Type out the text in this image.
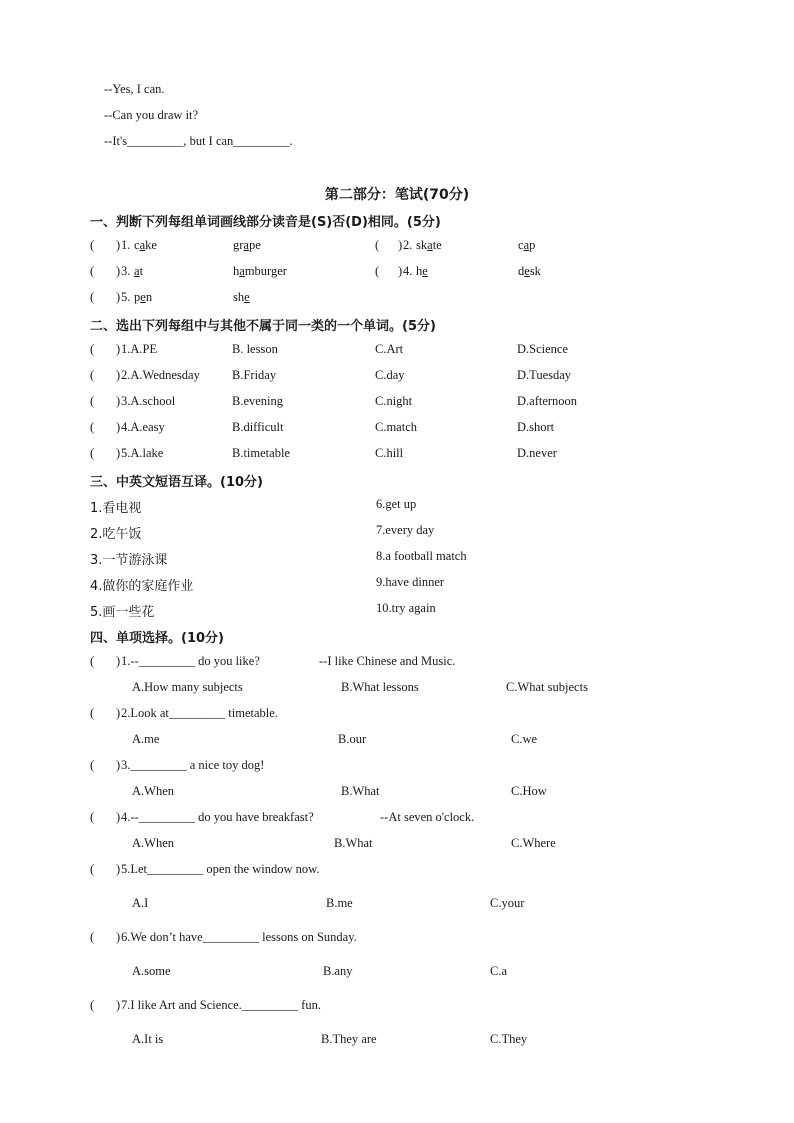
--Yes, I can.
--Can you draw it?
--It's_________, but I can_________.
第二部分：笔试(70分)
一、判断下列每组单词画线部分读音是(S)否(D)相同。(5分)
( ) 1. cake	grape	( ) 2. skate	cap
( ) 3. at	hamburger	( ) 4. he	desk
( ) 5. pen	she
二、选出下列每组中与其他不属于同一类的一个单词。(5分)
( ) 1.A.PE	B. lesson	C.Art	D.Science
( ) 2.A.Wednesday	B.Friday	C.day	D.Tuesday
( ) 3.A.school	B.evening	C.night	D.afternoon
( ) 4.A.easy	B.difficult	C.match	D.short
( ) 5.A.lake	B.timetable	C.hill	D.never
三、中英文短语互译。(10分)
1.看电视	6.get up
2.吃午饭	7.every day
3.一节游泳课	8.a football match
4.做你的家庭作业	9.have dinner
5.画一些花	10.try again
四、单项选择。(10分)
( ) 1.--_________ do you like?	--I like Chinese and Music.
A.How many subjects	B.What lessons	C.What subjects
( ) 2.Look at_________ timetable.
A.me	B.our	C.we
( ) 3._________ a nice toy dog!
A.When	B.What	C.How
( ) 4.--_________ do you have breakfast?	--At seven o'clock.
A.When	B.What	C.Where
( ) 5.Let_________ open the window now.
A.I	B.me	C.your
( ) 6.We don’t have_________ lessons on Sunday.
A.some	B.any	C.a
( ) 7.I like Art and Science._________ fun.
A.It is	B.They are	C.They
